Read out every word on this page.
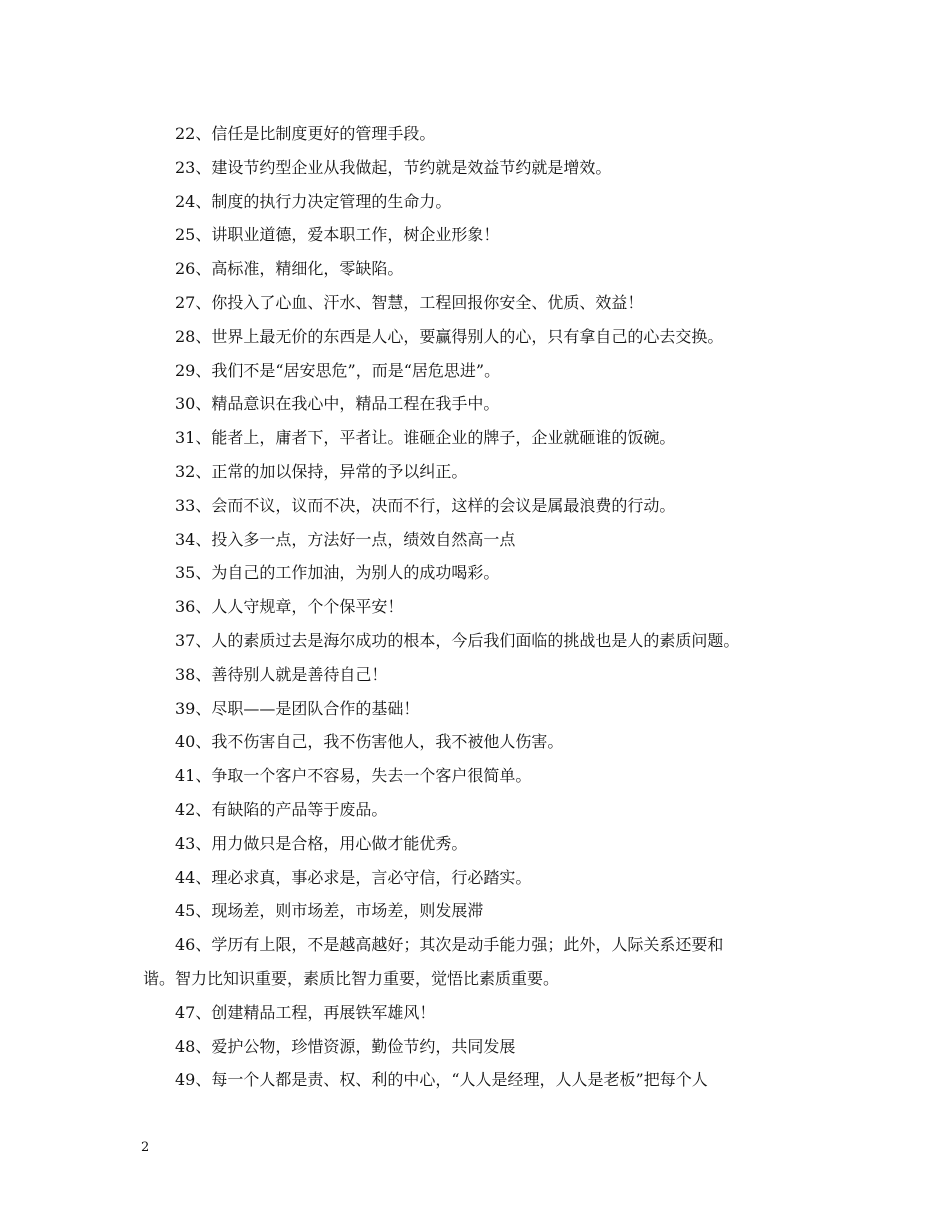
22、信任是比制度更好的管理手段。
23、建设节约型企业从我做起，节约就是效益节约就是增效。
24、制度的执行力决定管理的生命力。
25、讲职业道德，爱本职工作，树企业形象！
26、高标准，精细化，零缺陷。
27、你投入了心血、汗水、智慧，工程回报你安全、优质、效益！
28、世界上最无价的东西是人心，要赢得别人的心，只有拿自己的心去交换。
29、我们不是“居安思危”，而是“居危思进”。
30、精品意识在我心中，精品工程在我手中。
31、能者上，庸者下，平者让。谁砸企业的牌子，企业就砸谁的饭碗。
32、正常的加以保持，异常的予以纠正。
33、会而不议，议而不决，决而不行，这样的会议是属最浪费的行动。
34、投入多一点，方法好一点，绩效自然高一点
35、为自己的工作加油，为别人的成功喝彩。
36、人人守规章，个个保平安！
37、人的素质过去是海尔成功的根本，今后我们面临的挑战也是人的素质问题。
38、善待别人就是善待自己！
39、尽职——是团队合作的基础！
40、我不伤害自己，我不伤害他人，我不被他人伤害。
41、争取一个客户不容易，失去一个客户很简单。
42、有缺陷的产品等于废品。
43、用力做只是合格，用心做才能优秀。
44、理必求真，事必求是，言必守信，行必踏实。
45、现场差，则市场差，市场差，则发展滞
46、学历有上限，不是越高越好；其次是动手能力强；此外，人际关系还要和
谐。智力比知识重要，素质比智力重要，觉悟比素质重要。
47、创建精品工程，再展铁军雄风！
48、爱护公物，珍惜资源，勤俭节约，共同发展
49、每一个人都是责、权、利的中心，“人人是经理，人人是老板”把每个人
2
